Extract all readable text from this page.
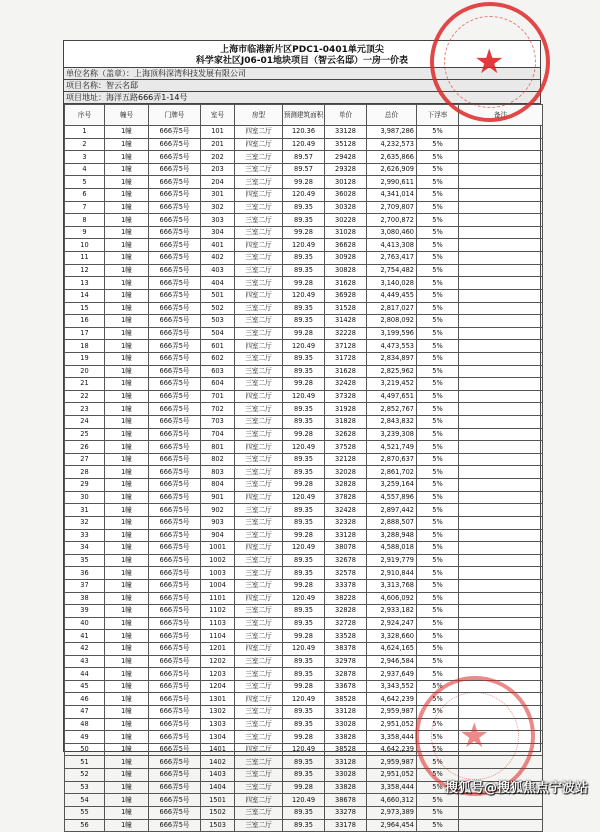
上海市临港新片区PDC1-0401单元顶尖
科学家社区J06-01地块项目（智云名邸）一房一价表
单位名称（盖章）：上海顶科深湾科技发展有限公司
项目名称：智云名邸
项目地址：海洋五路666弄1-14号
序号	幢号	门牌号	室号	房型	预测建筑面积	单价	总价	下浮率	备注
1	1幢	666弄5号	101	四室二厅	120.36	33128	3,987,286	5%	
2	1幢	666弄5号	201	四室二厅	120.49	35128	4,232,573	5%	
3	1幢	666弄5号	202	三室二厅	89.57	29428	2,635,866	5%	
4	1幢	666弄5号	203	三室二厅	89.57	29328	2,626,909	5%	
5	1幢	666弄5号	204	三室二厅	99.28	30128	2,990,611	5%	
6	1幢	666弄5号	301	四室二厅	120.49	36028	4,341,014	5%	
7	1幢	666弄5号	302	三室二厅	89.35	30328	2,709,807	5%	
8	1幢	666弄5号	303	三室二厅	89.35	30228	2,700,872	5%	
9	1幢	666弄5号	304	三室二厅	99.28	31028	3,080,460	5%	
10	1幢	666弄5号	401	四室二厅	120.49	36628	4,413,308	5%	
11	1幢	666弄5号	402	三室二厅	89.35	30928	2,763,417	5%	
12	1幢	666弄5号	403	三室二厅	89.35	30828	2,754,482	5%	
13	1幢	666弄5号	404	三室二厅	99.28	31628	3,140,028	5%	
14	1幢	666弄5号	501	四室二厅	120.49	36928	4,449,455	5%	
15	1幢	666弄5号	502	三室二厅	89.35	31528	2,817,027	5%	
16	1幢	666弄5号	503	三室二厅	89.35	31428	2,808,092	5%	
17	1幢	666弄5号	504	三室二厅	99.28	32228	3,199,596	5%	
18	1幢	666弄5号	601	四室二厅	120.49	37128	4,473,553	5%	
19	1幢	666弄5号	602	三室二厅	89.35	31728	2,834,897	5%	
20	1幢	666弄5号	603	三室二厅	89.35	31628	2,825,962	5%	
21	1幢	666弄5号	604	三室二厅	99.28	32428	3,219,452	5%	
22	1幢	666弄5号	701	四室二厅	120.49	37328	4,497,651	5%	
23	1幢	666弄5号	702	三室二厅	89.35	31928	2,852,767	5%	
24	1幢	666弄5号	703	三室二厅	89.35	31828	2,843,832	5%	
25	1幢	666弄5号	704	三室二厅	99.28	32628	3,239,308	5%	
26	1幢	666弄5号	801	四室二厅	120.49	37528	4,521,749	5%	
27	1幢	666弄5号	802	三室二厅	89.35	32128	2,870,637	5%	
28	1幢	666弄5号	803	三室二厅	89.35	32028	2,861,702	5%	
29	1幢	666弄5号	804	三室二厅	99.28	32828	3,259,164	5%	
30	1幢	666弄5号	901	四室二厅	120.49	37828	4,557,896	5%	
31	1幢	666弄5号	902	三室二厅	89.35	32428	2,897,442	5%	
32	1幢	666弄5号	903	三室二厅	89.35	32328	2,888,507	5%	
33	1幢	666弄5号	904	三室二厅	99.28	33128	3,288,948	5%	
34	1幢	666弄5号	1001	四室二厅	120.49	38078	4,588,018	5%	
35	1幢	666弄5号	1002	三室二厅	89.35	32678	2,919,779	5%	
36	1幢	666弄5号	1003	三室二厅	89.35	32578	2,910,844	5%	
37	1幢	666弄5号	1004	三室二厅	99.28	33378	3,313,768	5%	
38	1幢	666弄5号	1101	四室二厅	120.49	38228	4,606,092	5%	
39	1幢	666弄5号	1102	三室二厅	89.35	32828	2,933,182	5%	
40	1幢	666弄5号	1103	三室二厅	89.35	32728	2,924,247	5%	
41	1幢	666弄5号	1104	三室二厅	99.28	33528	3,328,660	5%	
42	1幢	666弄5号	1201	四室二厅	120.49	38378	4,624,165	5%	
43	1幢	666弄5号	1202	三室二厅	89.35	32978	2,946,584	5%	
44	1幢	666弄5号	1203	三室二厅	89.35	32878	2,937,649	5%	
45	1幢	666弄5号	1204	三室二厅	99.28	33678	3,343,552	5%	
46	1幢	666弄5号	1301	四室二厅	120.49	38528	4,642,239	5%	
47	1幢	666弄5号	1302	三室二厅	89.35	33128	2,959,987	5%	
48	1幢	666弄5号	1303	三室二厅	89.35	33028	2,951,052	5%	
49	1幢	666弄5号	1304	三室二厅	99.28	33828	3,358,444	5%	
50	1幢	666弄5号	1401	四室二厅	120.49	38528	4,642,239	5%	
51	1幢	666弄5号	1402	三室二厅	89.35	33128	2,959,987	5%	
52	1幢	666弄5号	1403	三室二厅	89.35	33028	2,951,052	5%	
53	1幢	666弄5号	1404	三室二厅	99.28	33828	3,358,444	5%	
54	1幢	666弄5号	1501	四室二厅	120.49	38678	4,660,312	5%	
55	1幢	666弄5号	1502	三室二厅	89.35	33278	2,973,389	5%	
56	1幢	666弄5号	1503	三室二厅	89.35	33178	2,964,454	5%	
★
★
搜狐号@搜狐焦点宁波站
